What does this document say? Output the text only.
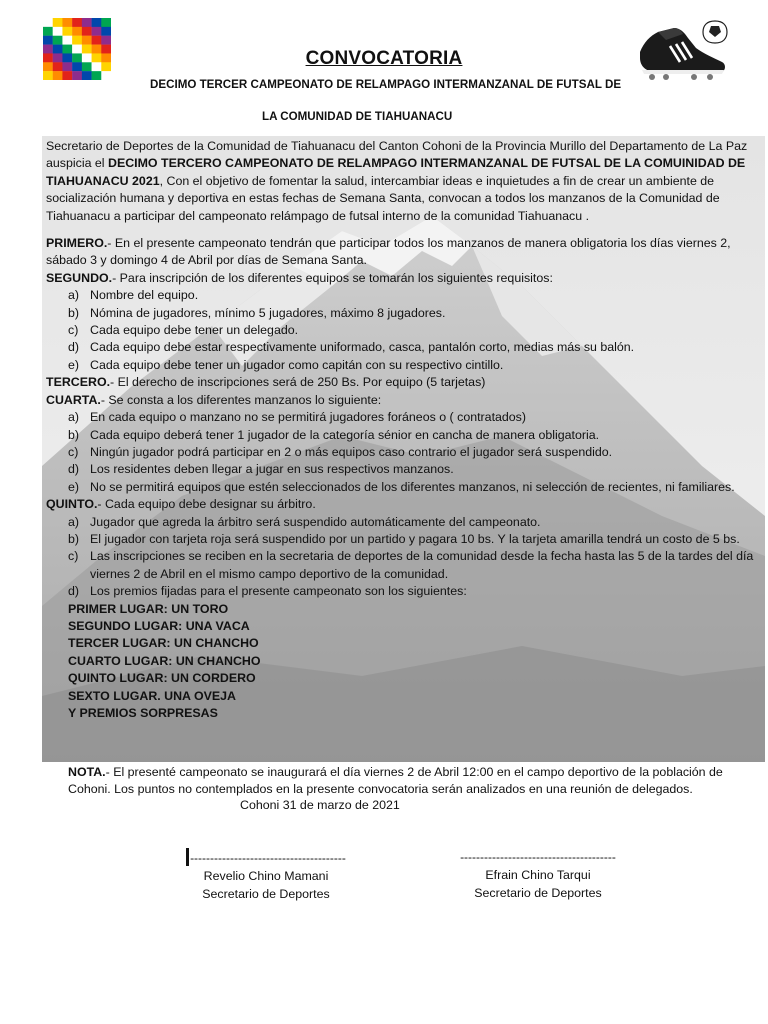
CONVOCATORIA
DECIMO TERCER CAMPEONATO DE RELAMPAGO INTERMANZANAL DE FUTSAL DE
LA COMUNIDAD DE TIAHUANACU

Secretario de Deportes de la Comunidad de Tiahuanacu del Canton Cohoni de la Provincia Murillo del Departamento de La Paz auspicia el DECIMO TERCERO CAMPEONATO DE RELAMPAGO INTERMANZANAL DE FUTSAL DE LA COMUINIDAD DE TIAHUANACU 2021, Con el objetivo de fomentar la salud, intercambiar ideas e inquietudes a fin de crear un ambiente de socialización humana y deportiva en estas fechas de Semana Santa, convocan a todos los manzanos de la Comunidad de Tiahuanacu a participar del campeonato relámpago de futsal interno de la comunidad Tiahuanacu .

PRIMERO.- En el presente campeonato tendrán que participar todos los manzanos de manera obligatoria los días viernes 2, sábado 3 y domingo 4 de Abril por días de Semana Santa.

SEGUNDO.- Para inscripción de los diferentes equipos se tomarán los siguientes requisitos:

a) Nombre del equipo.
b) Nómina de jugadores, mínimo 5 jugadores, máximo 8 jugadores.
c) Cada equipo debe tener un delegado.
d) Cada equipo debe estar respectivamente uniformado, casca, pantalón corto, medias más su balón.
e) Cada equipo debe tener un jugador como capitán con su respectivo cintillo.

TERCERO.- El derecho de inscripciones será de 250 Bs. Por equipo (5 tarjetas)

CUARTA.- Se consta a los diferentes manzanos lo siguiente:

a) En cada equipo o manzano no se permitirá jugadores foráneos o ( contratados)
b) Cada equipo deberá tener 1 jugador de la categoría sénior en cancha de manera obligatoria.
c) Ningún jugador podrá participar en 2 o más equipos caso contrario el jugador será suspendido.
d) Los residentes deben llegar a jugar en sus respectivos manzanos.
e) No se permitirá equipos que estén seleccionados de los diferentes manzanos, ni selección de recientes, ni familiares.

QUINTO.- Cada equipo debe designar su árbitro.

a) Jugador que agreda la árbitro será suspendido automáticamente del campeonato.
b) El jugador con tarjeta roja será suspendido por un partido y pagara 10 bs. Y la tarjeta amarilla tendrá un costo de 5 bs.
c) Las inscripciones se reciben en la secretaria de deportes de la comunidad desde la fecha hasta las 5 de la tardes del día viernes 2 de Abril en el mismo campo deportivo de la comunidad.
d) Los premios fijadas para el presente campeonato son los siguientes:
PRIMER LUGAR: UN TORO
SEGUNDO LUGAR: UNA VACA
TERCER LUGAR: UN CHANCHO
CUARTO LUGAR: UN CHANCHO
QUINTO LUGAR: UN CORDERO
SEXTO LUGAR. UNA OVEJA
Y PREMIOS SORPRESAS

NOTA.- El presenté campeonato se inaugurará el día viernes 2 de Abril 12:00 en el campo deportivo de la población de Cohoni. Los puntos no contemplados en la presente convocatoria serán analizados en una reunión de delegados.

Cohoni 31 de marzo de 2021
---------------------------------------
Revelio Chino Mamani
Secretario de Deportes
---------------------------------------
Efrain Chino Tarqui
Secretario de Deportes
